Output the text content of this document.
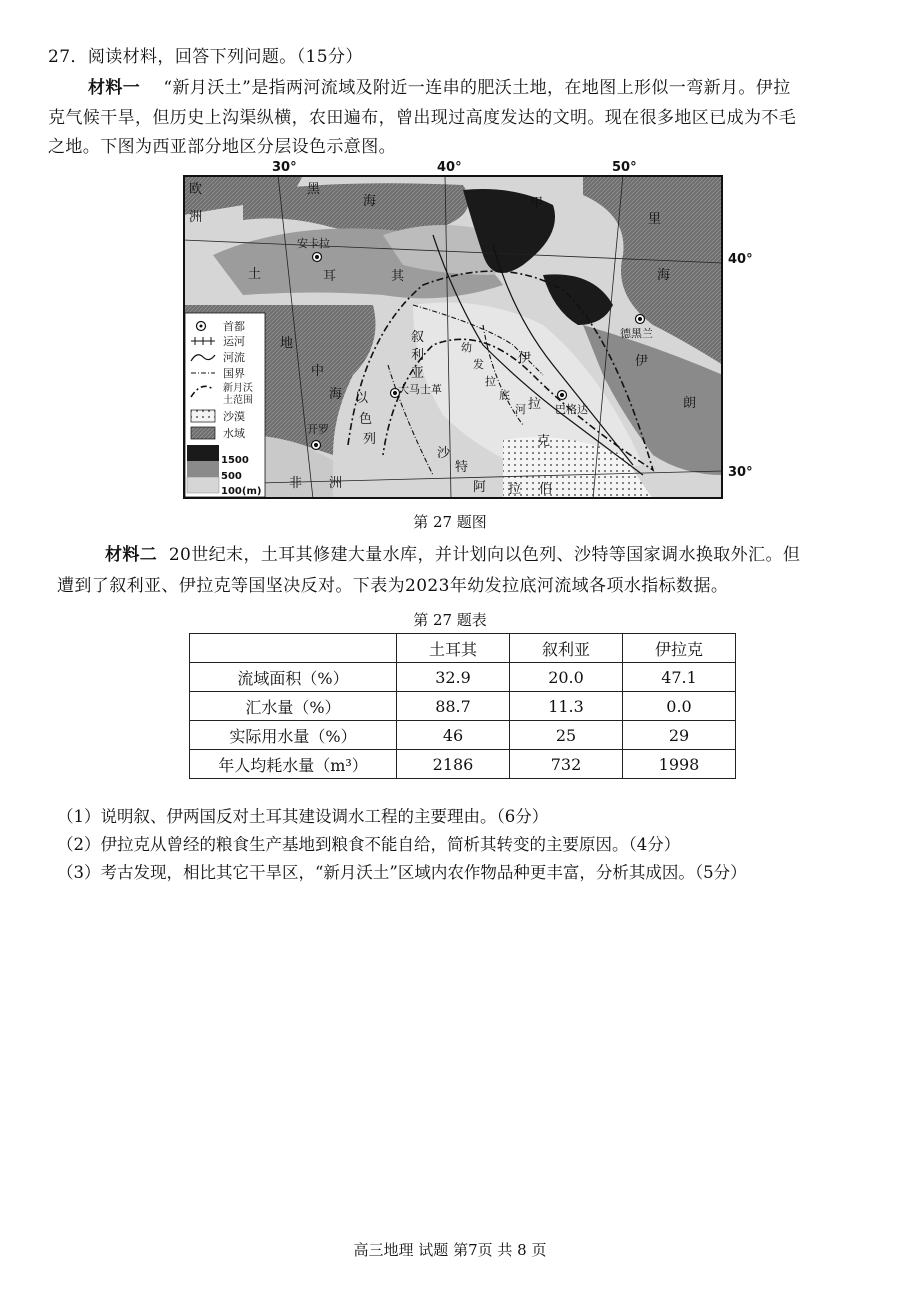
27．阅读材料，回答下列问题。（15分）
材料一 “新月沃土”是指两河流域及附近一连串的肥沃土地，在地图上形似一弯新月。伊拉
克气候干旱，但历史上沟渠纵横，农田遍布，曾出现过高度发达的文明。现在很多地区已成为不毛
之地。下图为西亚部分地区分层设色示意图。
欧
洲
黑
海	甲
里
海
土	耳	其
伊
朗
叙
利
亚
伊
拉
克
地
中
海 以
色
列
非 洲
沙
特
阿 拉 伯
幼
发
拉
底
河
安卡拉
德黑兰
大马士革
巴格达
开罗
首都
运河
河流
国界
新月沃
土范围
沙漠
水域
1500
500
100(m)
30°	40°	50°
40°
30°
第 27 题图
材料二 20世纪末，土耳其修建大量水库，并计划向以色列、沙特等国家调水换取外汇。但
遭到了叙利亚、伊拉克等国坚决反对。下表为2023年幼发拉底河流域各项水指标数据。
第 27 题表
	土耳其	叙利亚	伊拉克
流域面积（%）	32.9	20.0	47.1
汇水量（%）	88.7	11.3	0.0
实际用水量（%）	46	25	29
年人均耗水量（m³）	2186	732	1998
（1）说明叙、伊两国反对土耳其建设调水工程的主要理由。（6分）
（2）伊拉克从曾经的粮食生产基地到粮食不能自给，简析其转变的主要原因。（4分）
（3）考古发现，相比其它干旱区，“新月沃土”区域内农作物品种更丰富，分析其成因。（5分）
高三地理 试题 第7页 共 8 页
